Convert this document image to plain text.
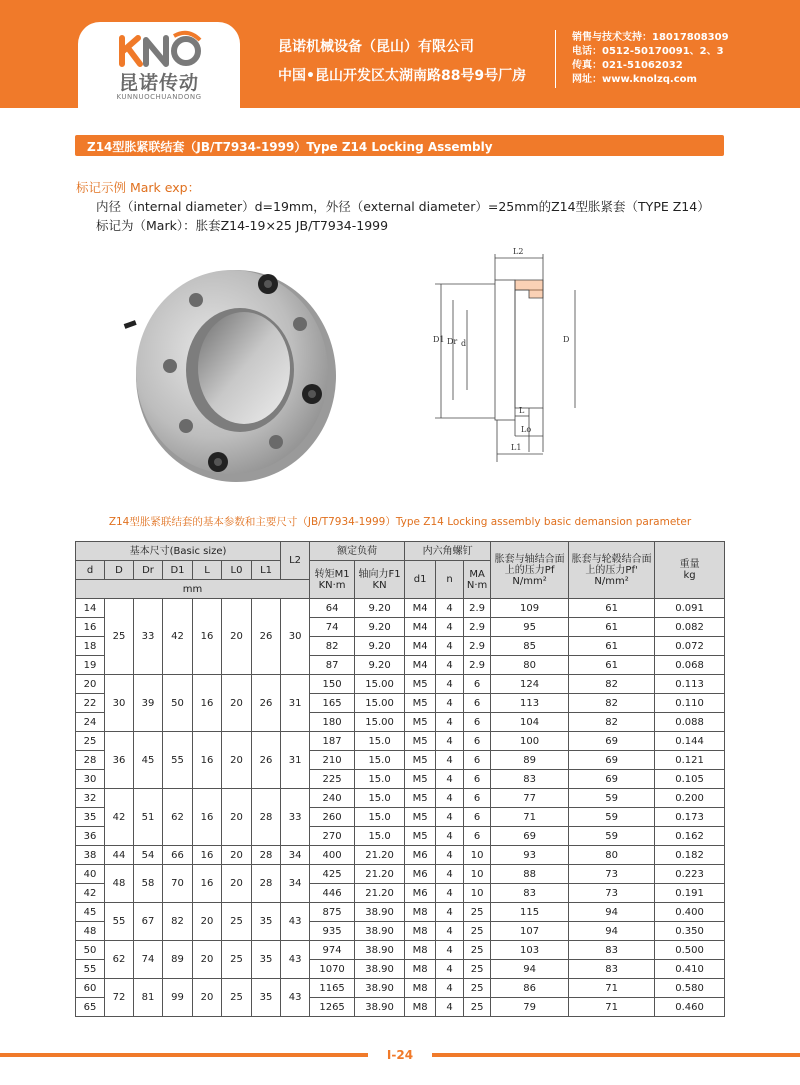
昆诺传动
KUNNUOCHUANDONG
昆诺机械设备（昆山）有限公司
中国•昆山开发区太湖南路88号9号厂房
销售与技术支持：18017808309
电话：0512-50170091、2、3
传真：021-51062032
网址：www.knolzq.com
Z14型胀紧联结套（JB/T7934-1999）Type Z14 Locking Assembly
标记示例 Mark exp：
内径（internal diameter）d=19mm，外径（external diameter）=25mm的Z14型胀紧套（TYPE Z14）
标记为（Mark）：胀套Z14-19×25 JB/T7934-1999
L2
D1 Dr d	D
L
Lo
L1
Z14型胀紧联结套的基本参数和主要尺寸（JB/T7934-1999）Type Z14 Locking assembly basic demansion parameter
基本尺寸(Basic size)							L2	额定负荷		内六角螺钉			胀套与轴结合面上的压力Pf
N/mm²	胀套与轮毂结合面上的压力Pf'
N/mm²	重量
kg
d	D	Dr	D1	L	L0	L1		转矩M1
KN·m	轴向力F1
KN	d1	n	MA
N·m			
mm															
14	25	33	42	16	20	26	30	64	9.20	M4	4	2.9	109	61	0.091
16								74	9.20	M4	4	2.9	95	61	0.082
18								82	9.20	M4	4	2.9	85	61	0.072
19								87	9.20	M4	4	2.9	80	61	0.068
20	30	39	50	16	20	26	31	150	15.00	M5	4	6	124	82	0.113
22								165	15.00	M5	4	6	113	82	0.110
24								180	15.00	M5	4	6	104	82	0.088
25	36	45	55	16	20	26	31	187	15.0	M5	4	6	100	69	0.144
28								210	15.0	M5	4	6	89	69	0.121
30								225	15.0	M5	4	6	83	69	0.105
32	42	51	62	16	20	28	33	240	15.0	M5	4	6	77	59	0.200
35								260	15.0	M5	4	6	71	59	0.173
36								270	15.0	M5	4	6	69	59	0.162
38	44	54	66	16	20	28	34	400	21.20	M6	4	10	93	80	0.182
40	48	58	70	16	20	28	34	425	21.20	M6	4	10	88	73	0.223
42								446	21.20	M6	4	10	83	73	0.191
45	55	67	82	20	25	35	43	875	38.90	M8	4	25	115	94	0.400
48								935	38.90	M8	4	25	107	94	0.350
50	62	74	89	20	25	35	43	974	38.90	M8	4	25	103	83	0.500
55								1070	38.90	M8	4	25	94	83	0.410
60	72	81	99	20	25	35	43	1165	38.90	M8	4	25	86	71	0.580
65								1265	38.90	M8	4	25	79	71	0.460
I-24
